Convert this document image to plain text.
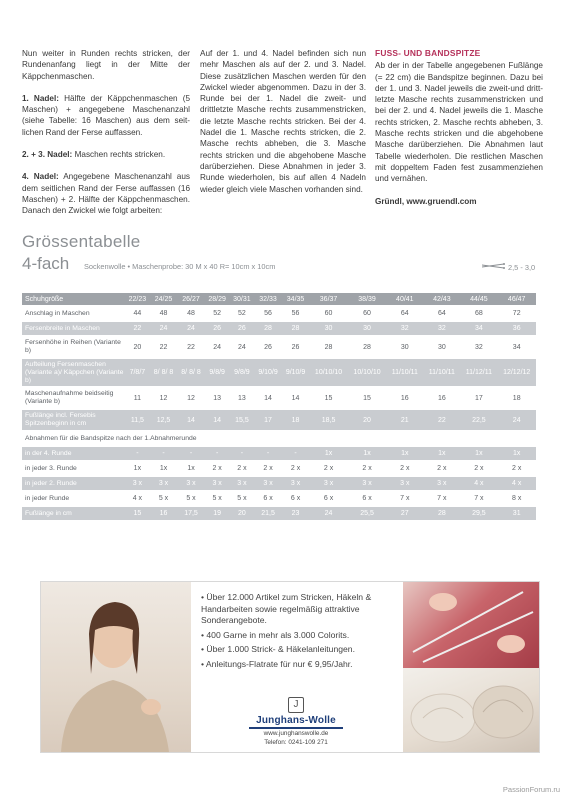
Nun weiter in Runden rechts stricken, der Rundenanfang liegt in der Mitte der Käppchenmaschen.

1. Nadel: Hälfte der Käppchenmaschen (5 Maschen) + angegebene Maschenanzahl (siehe Tabelle: 16 Maschen) aus dem seitlichen Rand der Ferse auffassen.

2. + 3. Nadel: Maschen rechts stricken.

4. Nadel: Angegebene Maschenanzahl aus dem seitlichen Rand der Ferse auffassen (16 Maschen) + 2. Hälfte der Käppchenmaschen. Danach den Zwickel wie folgt arbeiten:

Auf der 1. und 4. Nadel befinden sich nun mehr Maschen als auf der 2. und 3. Nadel. Diese zusätzlichen Maschen werden für den Zwickel wieder abgenommen. Dazu in der 3. Runde bei der 1. Nadel die zweit- und drittletzte Masche rechts zusammenstricken, die letzte Masche rechts stricken. Bei der 4. Nadel die 1. Masche rechts stricken, die 2. Masche rechts abheben, die 3. Masche rechts stricken und die abgehobene Masche darüberziehen. Diese Abnahmen in jeder 3. Runde wiederholen, bis auf allen 4 Nadeln wieder gleich viele Maschen vorhanden sind.

FUSS- UND BANDSPITZE

Ab der in der Tabelle angegebenen Fußlänge (= 22 cm) die Bandspitze beginnen. Dazu bei der 1. und 3. Nadel jeweils die zweit-und drittletzte Masche rechts zusammenstricken und bei der 2. und 4. Nadel jeweils die 1. Masche rechts stricken, 2. Masche rechts abheben, 3. Masche rechts stricken und die abgehobene Masche darüberziehen. Die Abnahmen laut Tabelle wiederholen. Die restlichen Maschen mit doppeltem Faden fest zusammenziehen und vernähen.

Gründl, www.gruendl.com

Grössentabelle
4-fach Sockenwolle • Maschenprobe: 30 M x 40 R= 10cm x 10cm	2,5 - 3,0
Schuhgröße	22/23	24/25	26/27	28/29	30/31	32/33	34/35	36/37	38/39	40/41	42/43	44/45	46/47
Anschlag in Maschen	44	48	48	52	52	56	56	60	60	64	64	68	72
Fersenbreite in Maschen	22	24	24	26	26	28	28	30	30	32	32	34	36
Fersenhöhe in Reihen (Variante b)	20	22	22	24	24	26	26	28	28	30	30	32	34
Aufteilung Fersenmaschen (Variante a)/ Käppchen (Variante b)	7/8/7	8/ 8/ 8	8/ 8/ 8	9/8/9	9/8/9	9/10/9	9/10/9	10/10/10	10/10/10	11/10/11	11/10/11	11/12/11	12/12/12
Maschenaufnahme beidseitig (Variante b)	11	12	12	13	13	14	14	15	15	16	16	17	18
Fußlänge incl. Fersebis Spitzenbeginn in cm	11,5	12,5	14	14	15,5	17	18	18,5	20	21	22	22,5	24
Abnahmen für die Bandspitze nach der 1.Abnahmerunde													
in der 4. Runde	-	-	-	-	-	-	-	1x	1x	1x	1x	1x	1x
in jeder 3. Runde	1x	1x	1x	2 x	2 x	2 x	2 x	2 x	2 x	2 x	2 x	2 x	2 x
in jeder 2. Runde	3 x	3 x	3 x	3 x	3 x	3 x	3 x	3 x	3 x	3 x	3 x	4 x	4 x
in jeder Runde	4 x	5 x	5 x	5 x	5 x	6 x	6 x	6 x	6 x	7 x	7 x	7 x	8 x
Fußlänge in cm	15	16	17,5	19	20	21,5	23	24	25,5	27	28	29,5	31
• Über 12.000 Artikel zum Stricken, Häkeln & Handarbeiten sowie regelmäßig attraktive Sonderangebote.
• 400 Garne in mehr als 3.000 Colorits.
• Über 1.000 Strick- & Häkelanleitungen.
• Anleitungs-Flatrate für nur € 9,95/Jahr.
J
Junghans-Wolle
www.junghanswolle.de
Telefon: 0241-109 271
PassionForum.ru
